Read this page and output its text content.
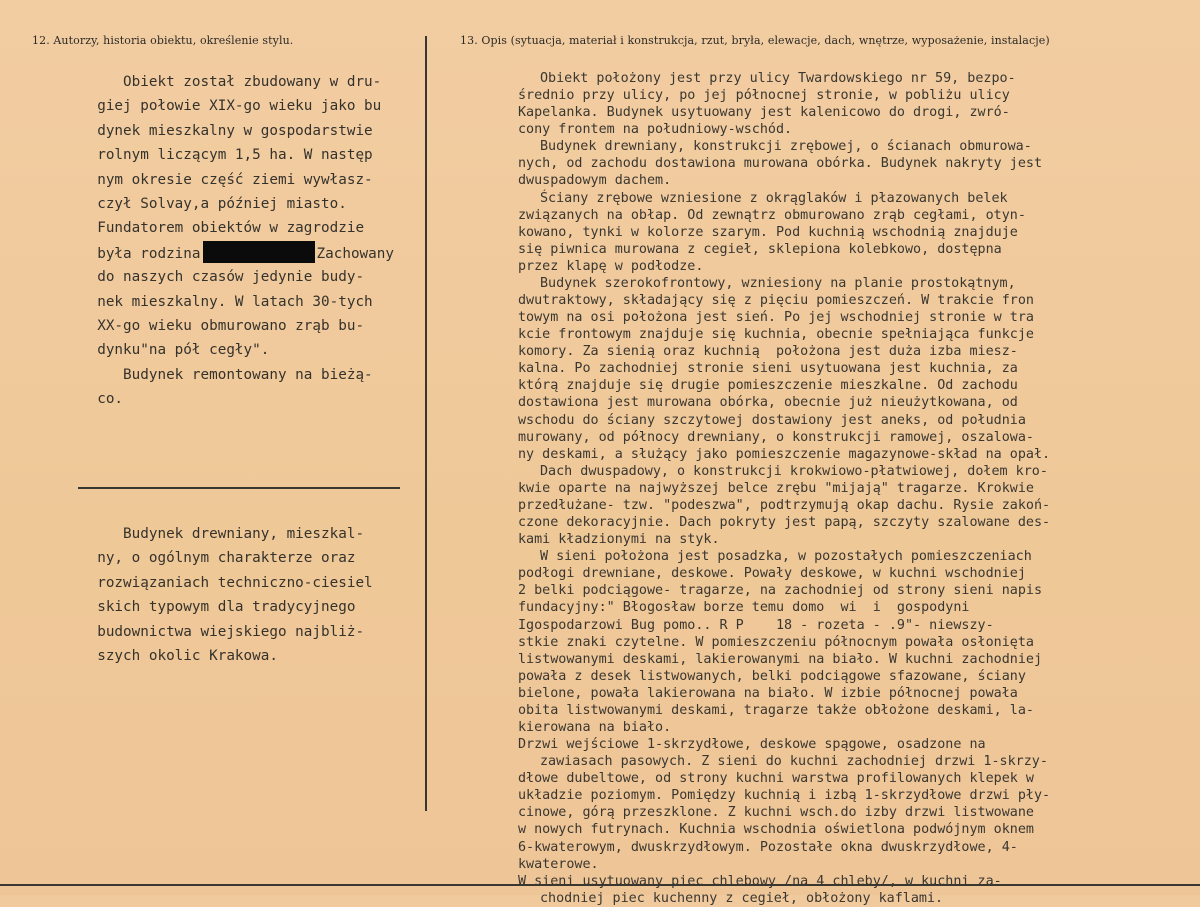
12. Autorzy, historia obiektu, określenie stylu.	13. Opis (sytuacja, materiał i konstrukcja, rzut, bryła, elewacje, dach, wnętrze, wyposażenie, instalacje)
Obiekt został zbudowany w dru-
giej połowie XIX-go wieku jako bu
dynek mieszkalny w gospodarstwie
rolnym liczącym 1,5 ha. W następ
nym okresie część ziemi wywłasz-
czył Solvay,a później miasto.
Fundatorem obiektów w zagrodzie
była rodzina	Zachowany
do naszych czasów jedynie budy-
nek mieszkalny. W latach 30-tych
XX-go wieku obmurowano zrąb bu-
dynku"na pół cegły".
Budynek remontowany na bieżą-
co.
Budynek drewniany, mieszkal-
ny, o ogólnym charakterze oraz
rozwiązaniach techniczno-ciesiel
skich typowym dla tradycyjnego
budownictwa wiejskiego najbliż-
szych okolic Krakowa.
Obiekt położony jest przy ulicy Twardowskiego nr 59, bezpo-
średnio przy ulicy, po jej północnej stronie, w pobliżu ulicy
Kapelanka. Budynek usytuowany jest kalenicowo do drogi, zwró-
cony frontem na południowy-wschód.
Budynek drewniany, konstrukcji zrębowej, o ścianach obmurowa-
nych, od zachodu dostawiona murowana obórka. Budynek nakryty jest
dwuspadowym dachem.
Ściany zrębowe wzniesione z okrąglaków i płazowanych belek
związanych na obłap. Od zewnątrz obmurowano zrąb cegłami, otyn-
kowano, tynki w kolorze szarym. Pod kuchnią wschodnią znajduje
się piwnica murowana z cegieł, sklepiona kolebkowo, dostępna
przez klapę w podłodze.
Budynek szerokofrontowy, wzniesiony na planie prostokątnym,
dwutraktowy, składający się z pięciu pomieszczeń. W trakcie fron
towym na osi położona jest sień. Po jej wschodniej stronie w tra
kcie frontowym znajduje się kuchnia, obecnie spełniająca funkcje
komory. Za sienią oraz kuchnią  położona jest duża izba miesz-
kalna. Po zachodniej stronie sieni usytuowana jest kuchnia, za
którą znajduje się drugie pomieszczenie mieszkalne. Od zachodu
dostawiona jest murowana obórka, obecnie już nieużytkowana, od
wschodu do ściany szczytowej dostawiony jest aneks, od południa
murowany, od północy drewniany, o konstrukcji ramowej, oszalowa-
ny deskami, a służący jako pomieszczenie magazynowe-skład na opał.
Dach dwuspadowy, o konstrukcji krokwiowo-płatwiowej, dołem kro-
kwie oparte na najwyższej belce zrębu "mijają" tragarze. Krokwie
przedłużane- tzw. "podeszwa", podtrzymują okap dachu. Rysie zakoń-
czone dekoracyjnie. Dach pokryty jest papą, szczyty szalowane des-
kami kładzionymi na styk.
W sieni położona jest posadzka, w pozostałych pomieszczeniach
podłogi drewniane, deskowe. Powały deskowe, w kuchni wschodniej
2 belki podciągowe- tragarze, na zachodniej od strony sieni napis
fundacyjny:" Błogosław borze temu domo  wi  i  gospodyni
Igospodarzowi Bug pomo.. R P    18 - rozeta - .9"- niewszy-
stkie znaki czytelne. W pomieszczeniu północnym powała osłonięta
listwowanymi deskami, lakierowanymi na biało. W kuchni zachodniej
powała z desek listwowanych, belki podciągowe sfazowane, ściany
bielone, powała lakierowana na biało. W izbie północnej powała
obita listwowanymi deskami, tragarze także obłożone deskami, la-
kierowana na biało.
Drzwi wejściowe 1-skrzydłowe, deskowe spągowe, osadzone na
zawiasach pasowych. Z sieni do kuchni zachodniej drzwi 1-skrzy-
dłowe dubeltowe, od strony kuchni warstwa profilowanych klepek w
układzie poziomym. Pomiędzy kuchnią i izbą 1-skrzydłowe drzwi pły-
cinowe, górą przeszklone. Z kuchni wsch.do izby drzwi listwowane
w nowych futrynach. Kuchnia wschodnia oświetlona podwójnym oknem
6-kwaterowym, dwuskrzydłowym. Pozostałe okna dwuskrzydłowe, 4-
kwaterowe.
W sieni usytuowany piec chlebowy /na 4 chleby/, w kuchni za-
chodniej piec kuchenny z cegieł, obłożony kaflami.
